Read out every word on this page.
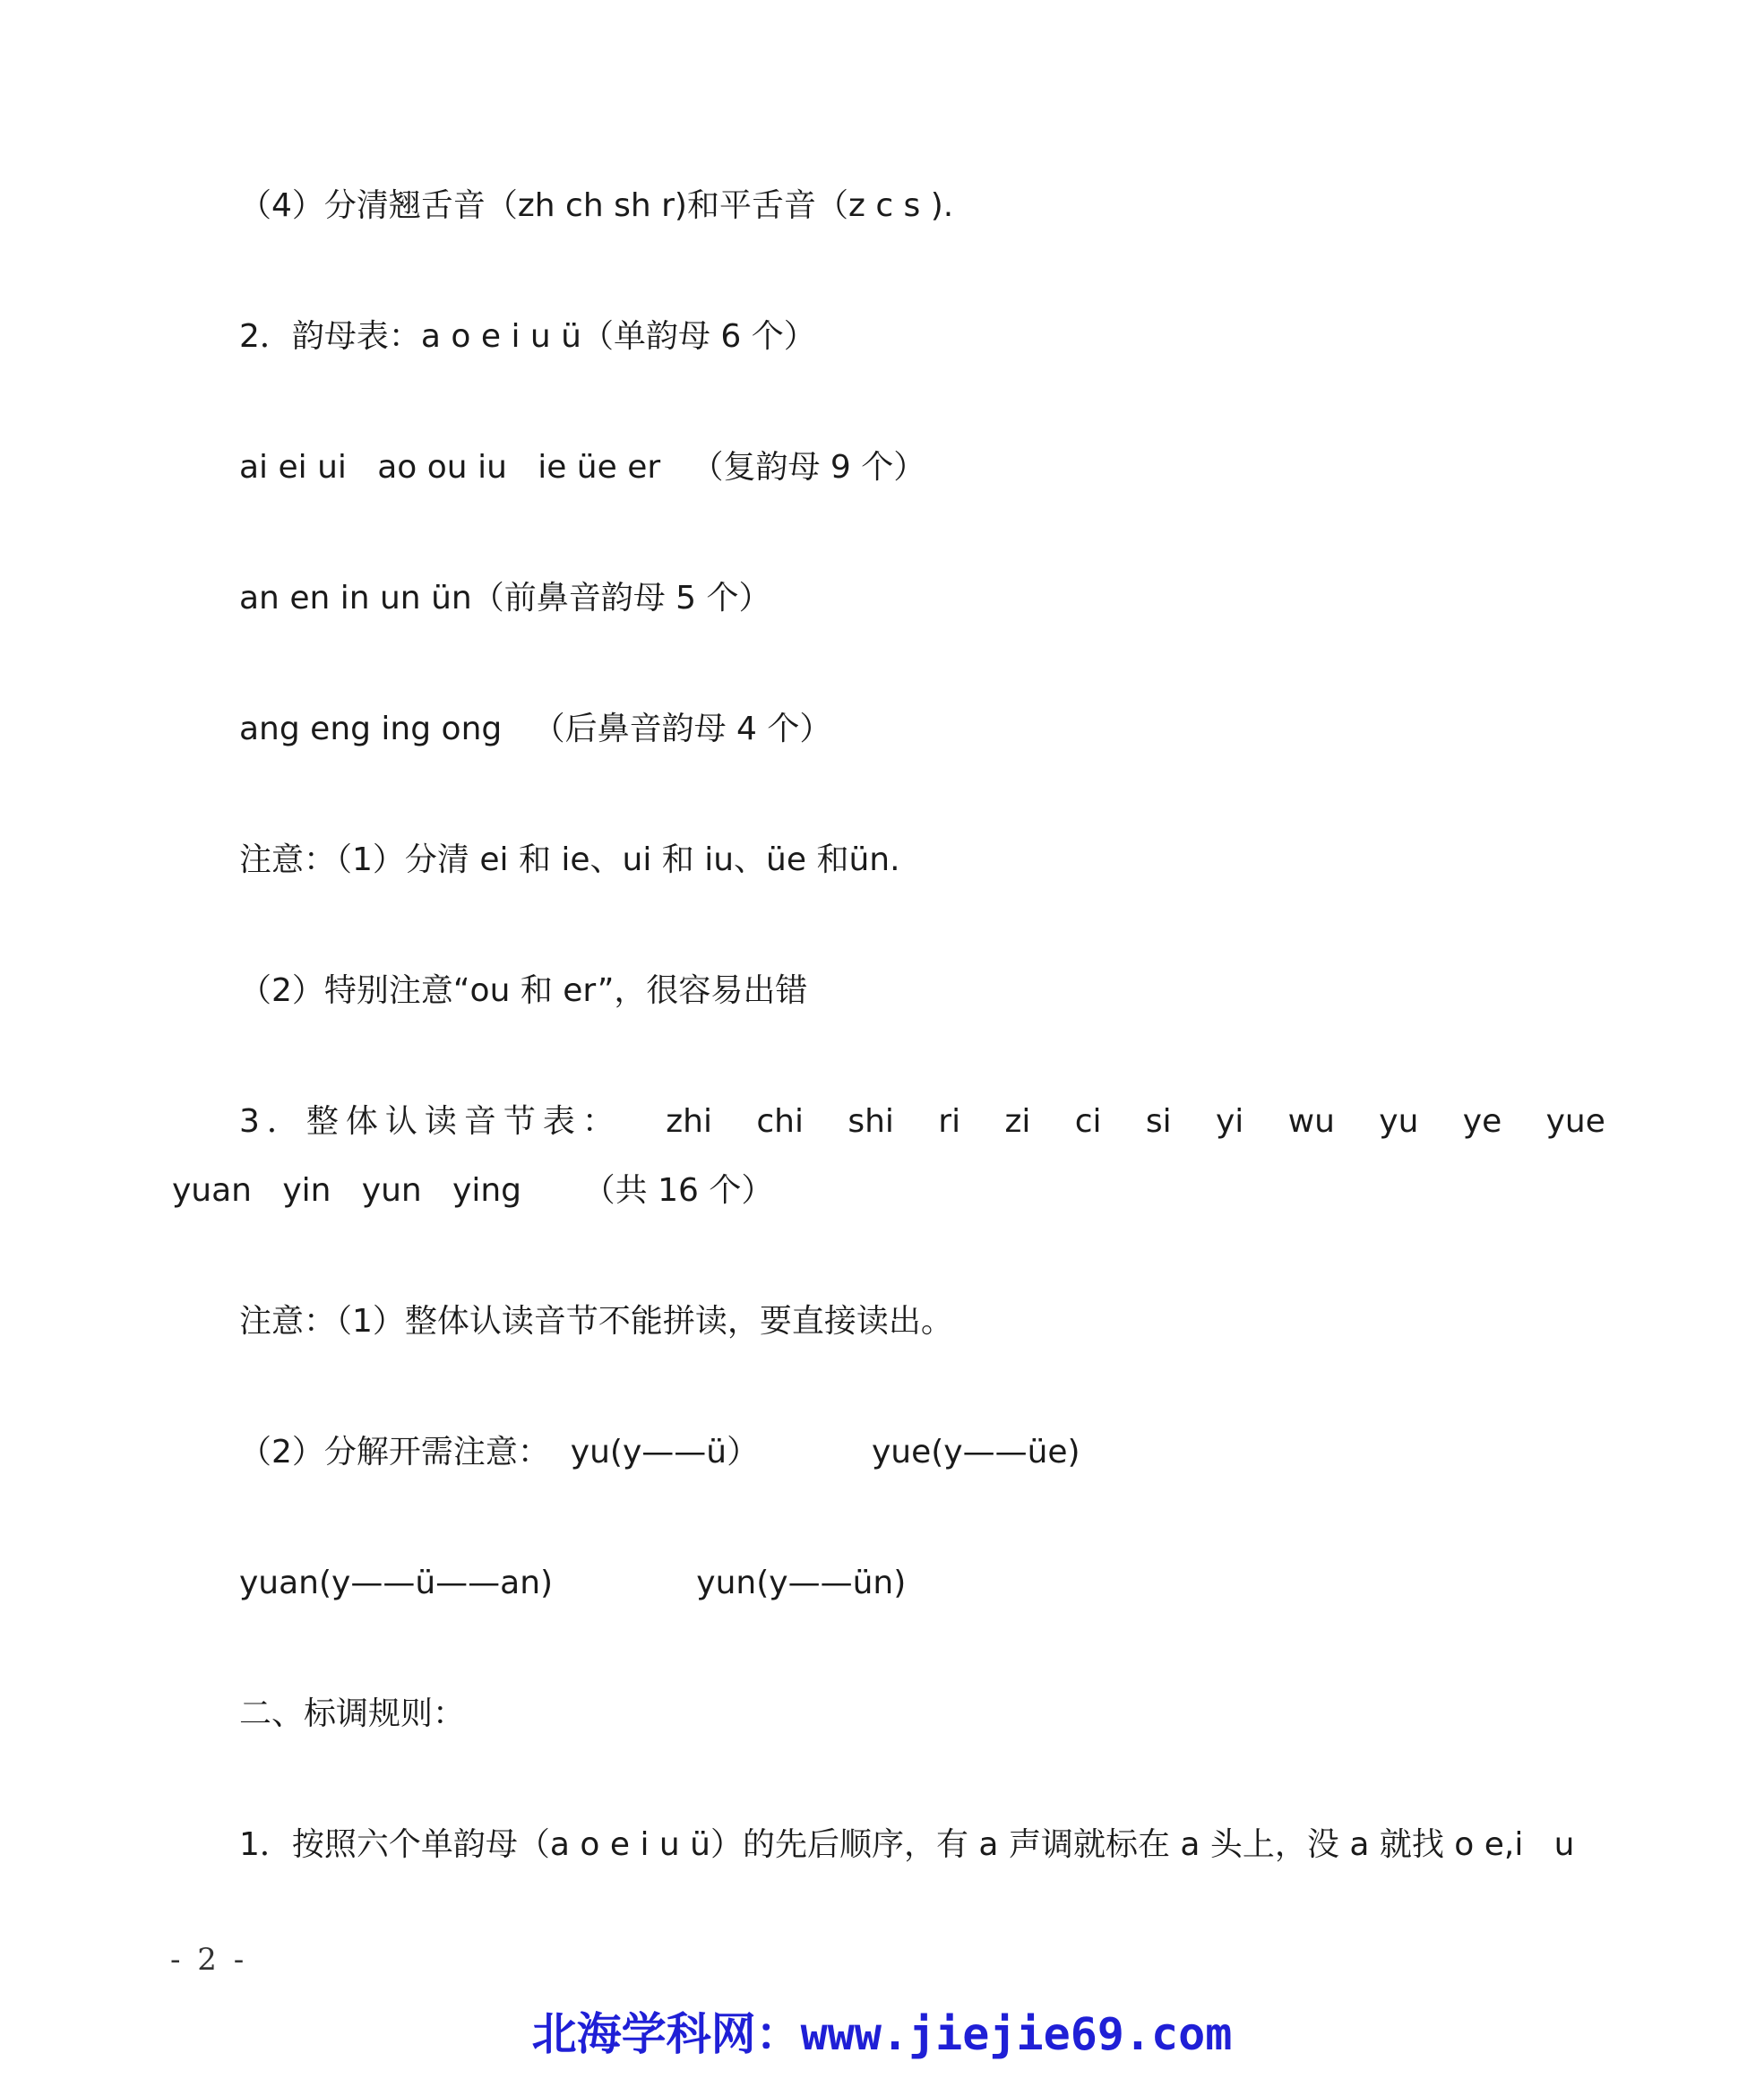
（4）分清翘舌音（zh ch sh r)和平舌音（z c s ).
2．韵母表：a o e i u ü（单韵母 6 个）
ai ei ui   ao ou iu   ie üe er   （复韵母 9 个）
an en in un ün（前鼻音韵母 5 个）
ang eng ing ong   （后鼻音韵母 4 个）
注意：（1）分清 ei 和 ie、ui 和 iu、üe 和ün.
（2）特别注意“ou 和 er”，很容易出错
3．整体认读音节表： zhi chi shi ri zi ci si yi wu yu ye yue
yuan   yin   yun   ying      （共 16 个）
注意：（1）整体认读音节不能拼读，要直接读出。
（2）分解开需注意：  yu(y——ü）           yue(y——üe)
yuan(y——ü——an)              yun(y——ün)
二、标调规则：
1．按照六个单韵母（a o e i u ü）的先后顺序，有 a 声调就标在 a 头上，没 a 就找 o e,i   u
- 2 -
北海学科网：www.jiejie69.com
